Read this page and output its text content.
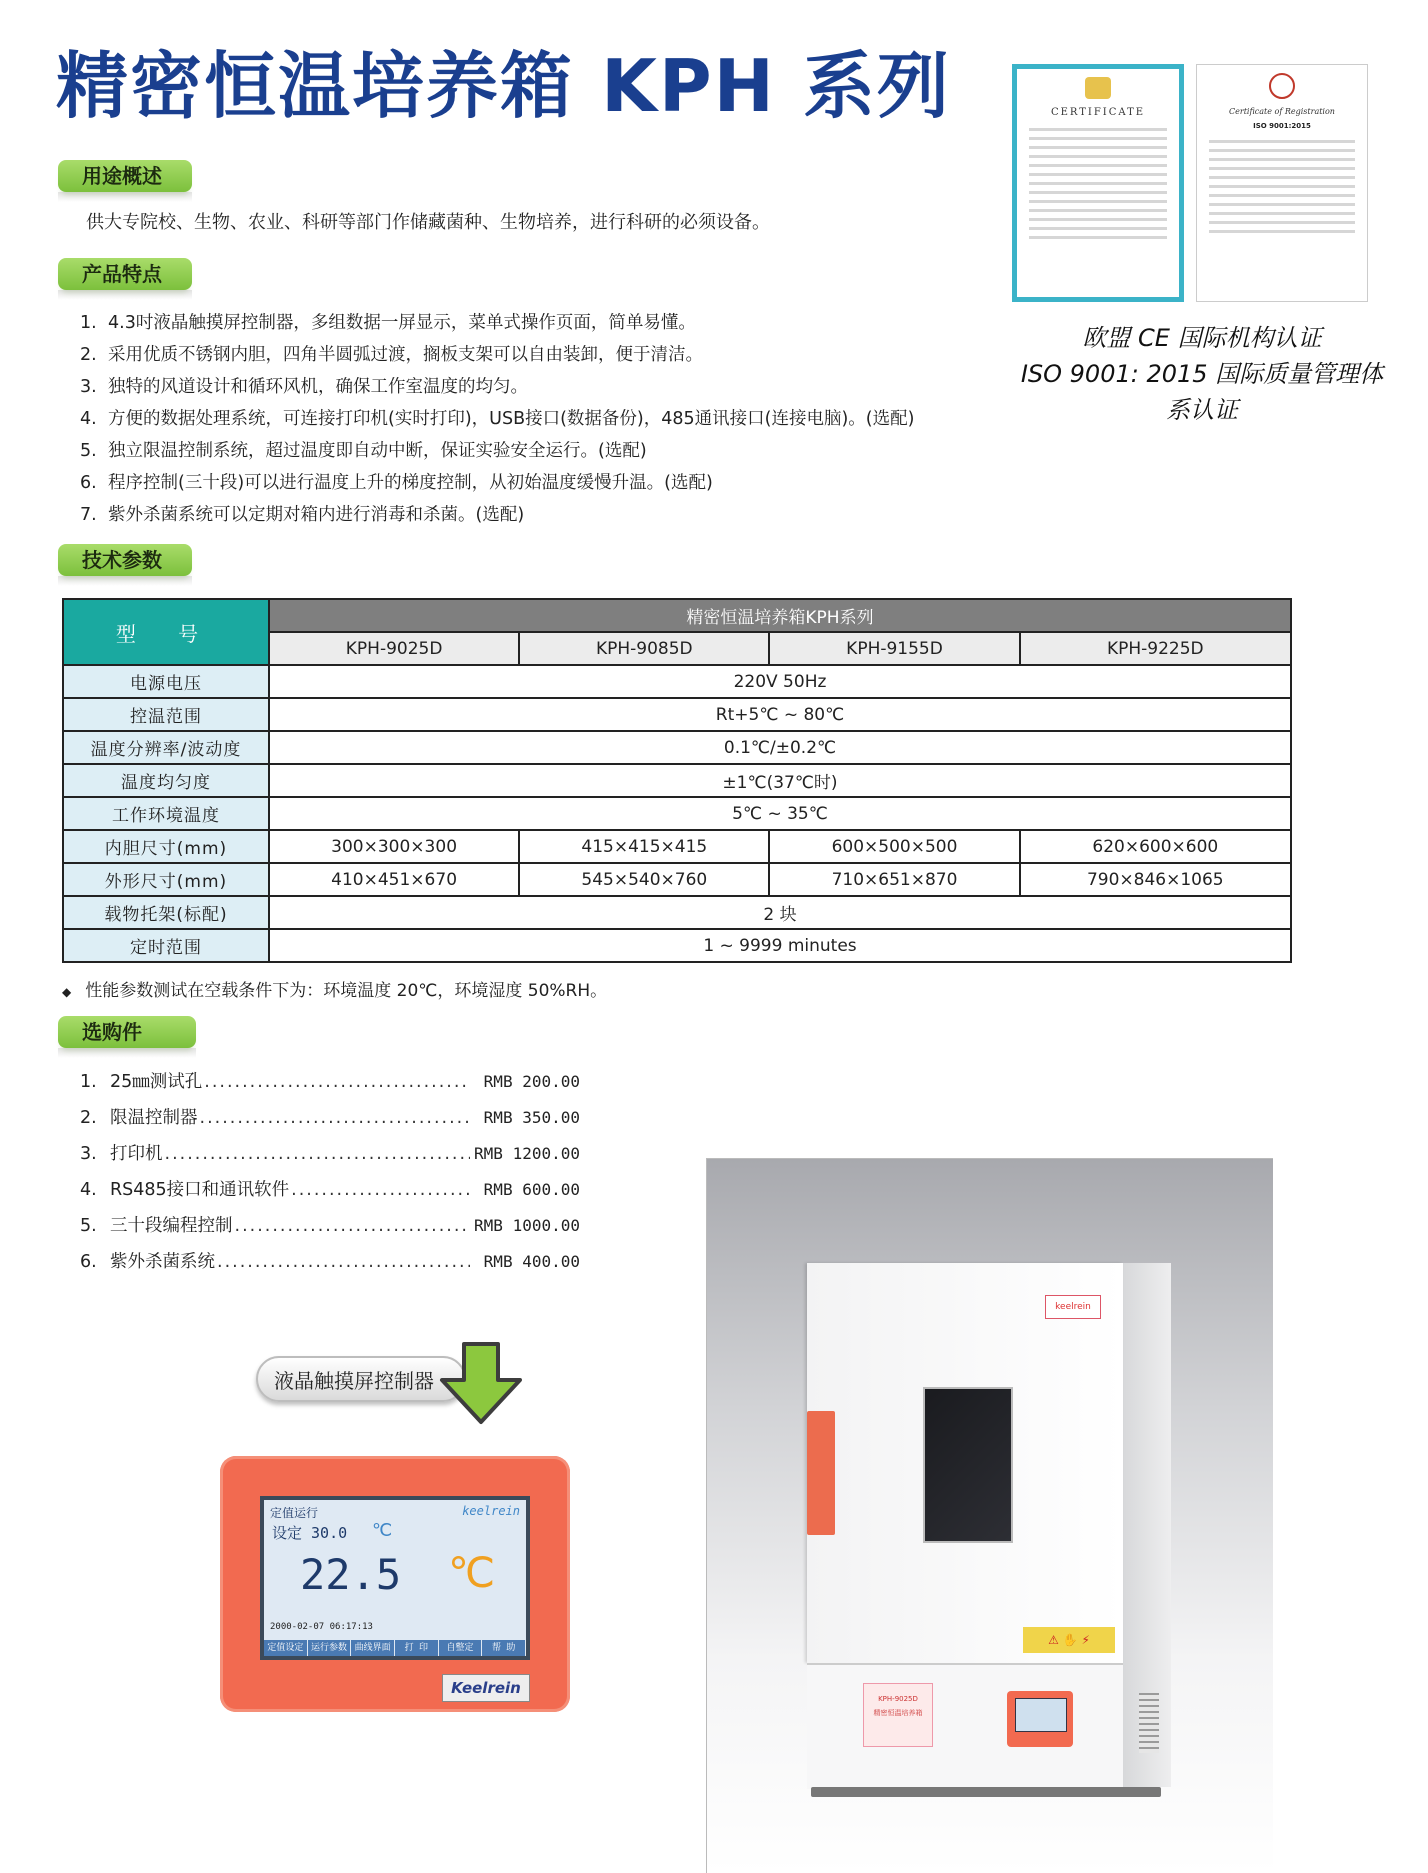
精密恒温培养箱 KPH 系列
用途概述
供大专院校、生物、农业、科研等部门作储藏菌种、生物培养，进行科研的必须设备。
产品特点
1. 4.3吋液晶触摸屏控制器，多组数据一屏显示，菜单式操作页面，简单易懂。
2. 采用优质不锈钢内胆，四角半圆弧过渡，搁板支架可以自由装卸，便于清洁。
3. 独特的风道设计和循环风机，确保工作室温度的均匀。
4. 方便的数据处理系统，可连接打印机(实时打印)，USB接口(数据备份)，485通讯接口(连接电脑)。(选配)
5. 独立限温控制系统，超过温度即自动中断，保证实验安全运行。(选配)
6. 程序控制(三十段)可以进行温度上升的梯度控制，从初始温度缓慢升温。(选配)
7. 紫外杀菌系统可以定期对箱内进行消毒和杀菌。(选配)
CERTIFICATE	Certificate of Registration
ISO 9001:2015
欧盟 CE 国际机构认证
ISO 9001: 2015 国际质量管理体系认证
技术参数
型 号	精密恒温培养箱KPH系列			
	KPH-9025D	KPH-9085D	KPH-9155D	KPH-9225D
电源电压	220V 50Hz			
控温范围	Rt+5℃ ~ 80℃			
温度分辨率/波动度	0.1℃/±0.2℃			
温度均匀度	±1℃(37℃时)			
工作环境温度	5℃ ~ 35℃			
内胆尺寸(mm)	300×300×300	415×415×415	600×500×500	620×600×600
外形尺寸(mm)	410×451×670	545×540×760	710×651×870	790×846×1065
载物托架(标配)	2 块			
定时范围	1 ~ 9999 minutes			
◆ 性能参数测试在空载条件下为：环境温度 20℃，环境湿度 50%RH。
选购件
1. 25㎜测试孔 .....	RMB 200.00
2. 限温控制器 .....	RMB 350.00
3. 打印机 .....	RMB 1200.00
4. RS485接口和通讯软件 .....	RMB 600.00
5. 三十段编程控制 .....	RMB 1000.00
6. 紫外杀菌系统 .....	RMB 400.00
液晶触摸屏控制器
定值运行	keelrein
设定 30.0 ℃
22.5 ℃
2000-02-07 06:17:13
定值设定 运行参数 曲线界面	打 印	自整定	帮 助
Keelrein
keelrein
⚠ ✋ ⚡
KPH-9025D
精密恒温培养箱
